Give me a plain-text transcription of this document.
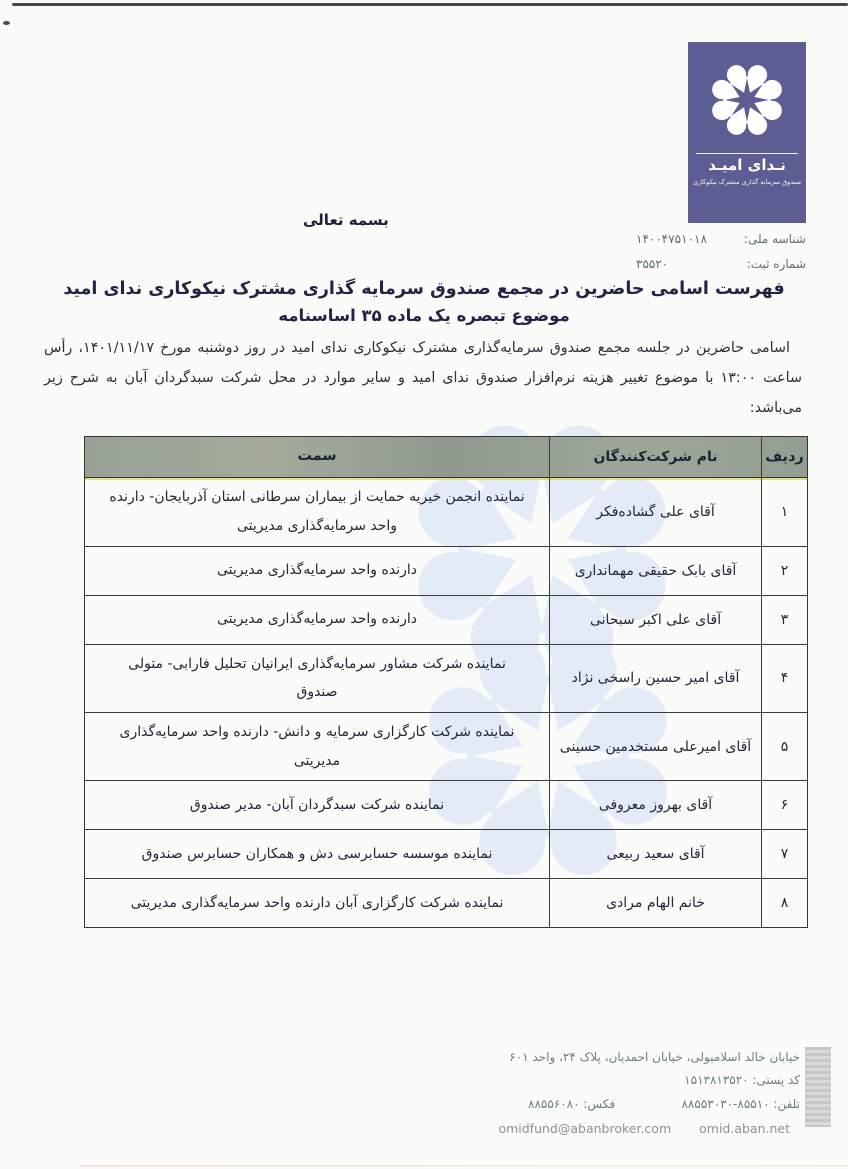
نـدای امیـد
صندوق سرمایه گذاری مشترک نیکوکاری
شناسه ملی:
۱۴۰۰۴۷۵۱۰۱۸
شماره ثبت:
۳۵۵۲۰
بسمه تعالی
فهرست اسامی حاضرین در مجمع صندوق سرمایه گذاری مشترک نیکوکاری ندای امید
موضوع تبصره یک ماده ۳۵ اساسنامه

اسامی حاضرین در جلسه مجمع صندوق سرمایه‌گذاری مشترک نیکوکاری ندای امید در روز دوشنبه مورخ ۱۴۰۱/۱۱/۱۷، رأس ساعت ۱۳:۰۰ با موضوع تغییر هزینه نرم‌افزار صندوق ندای امید و سایر موارد در محل شرکت سبدگردان آبان به شرح زیر می‌باشد:

ردیف
نام شرکت‌کنندگان
سمت
۱
آقای علی گشاده‌فکر
نماینده انجمن خیریه حمایت از بیماران سرطانی استان آذربایجان- دارنده واحد سرمایه‌گذاری مدیریتی
۲
آقای بابک حقیقی مهمانداری
دارنده واحد سرمایه‌گذاری مدیریتی
۳
آقای علی اکبر سبحانی
دارنده واحد سرمایه‌گذاری مدیریتی
۴
آقای امیر حسین راسخی نژاد
نماینده شرکت مشاور سرمایه‌گذاری ایرانیان تحلیل فارابی- متولی صندوق
۵
آقای امیرعلی مستخدمین حسینی
نماینده شرکت کارگزاری سرمایه و دانش- دارنده واحد سرمایه‌گذاری مدیریتی
۶
آقای بهروز معروفی
نماینده شرکت سبدگردان آبان- مدیر صندوق
۷
آقای سعید ربیعی
نماینده موسسه حسابرسی دش و همکاران حسابرس صندوق
۸
خانم الهام مرادی
نماینده شرکت کارگزاری آبان دارنده واحد سرمایه‌گذاری مدیریتی
خیابان خالد اسلامبولی، خیابان احمدیان، پلاک ۲۴، واحد ۶۰۱
کد پستی: ۱۵۱۳۸۱۳۵۲۰
تلفن: ۸۸۵۵۳۰۳۰-۸۵۵۱۰
فکس: ۸۸۵۵۶۰۸۰
omid.aban.net
omidfund@abanbroker.com
